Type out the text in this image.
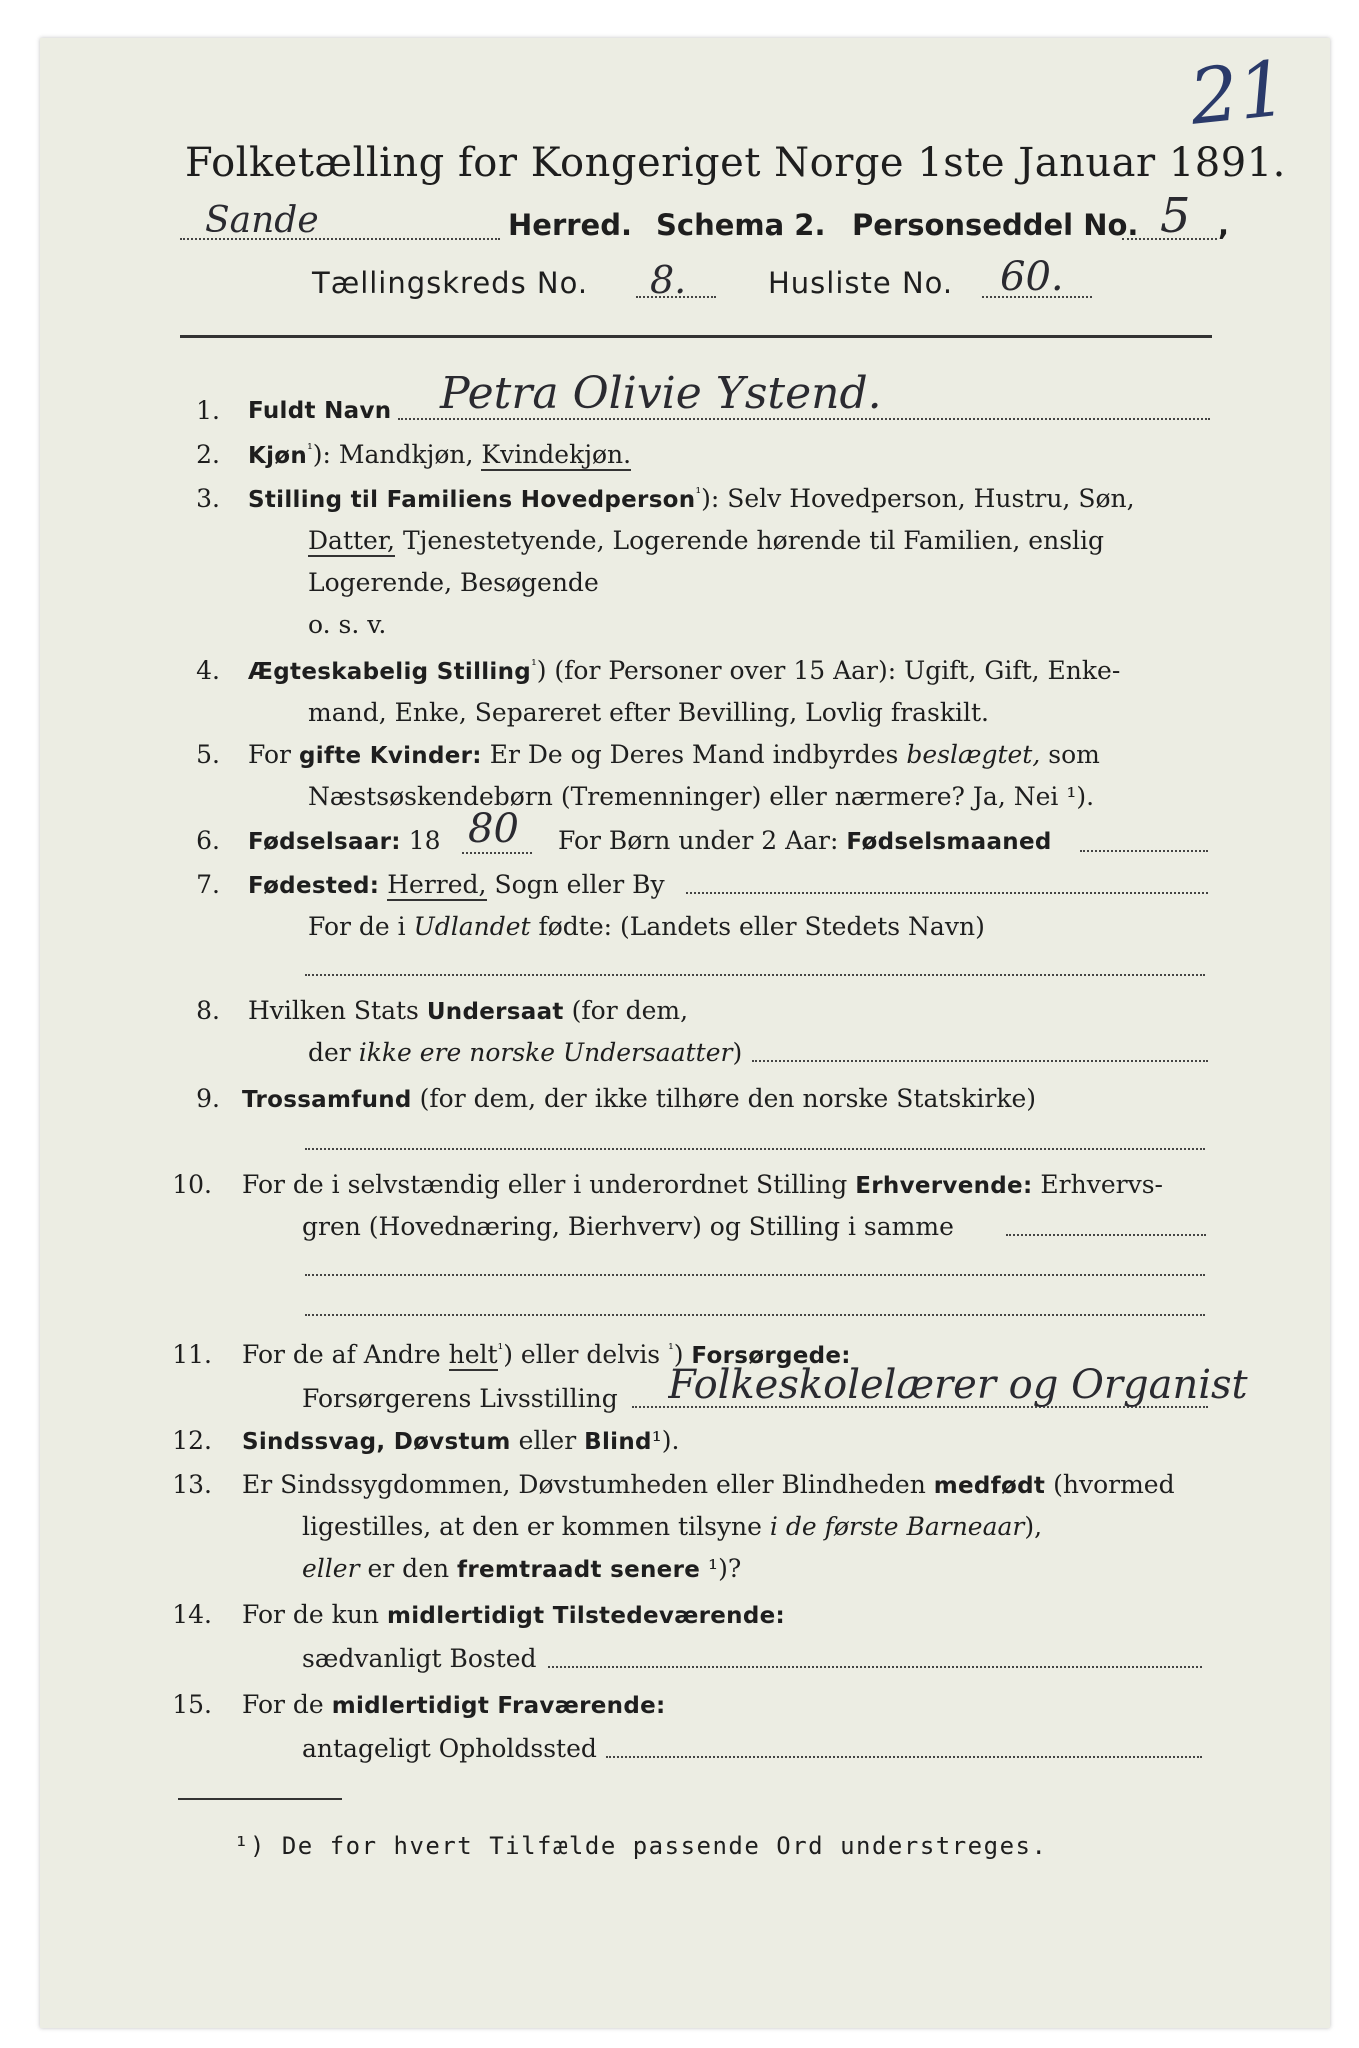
21
Folketælling for Kongeriget Norge 1ste Januar 1891.
Sande	Herred. Schema 2. Personseddel No. 5 ,
Tællingskreds No. 8.	Husliste No. 60.
1. Fuldt Navn Petra Olivie Ystend.
2. Kjøn$^{^1}$): Mandkjøn, Kvindekjøn.
3. Stilling til Familiens Hovedperson$^{^1}$): Selv Hovedperson, Hustru, Søn,
Datter, Tjenestetyende, Logerende hørende til Familien, enslig
Logerende, Besøgende
o. s. v.
4. Ægteskabelig Stilling$^{^1}$) (for Personer over 15 Aar): Ugift, Gift, Enke-
mand, Enke, Separeret efter Bevilling, Lovlig fraskilt.
5. For gifte Kvinder: Er De og Deres Mand indbyrdes beslægtet, som
Næstsøskendebørn (Tremenninger) eller nærmere? Ja, Nei ¹).
6. Fødselsaar: 18 80 For Børn under 2 Aar: Fødselsmaaned
7. Fødested: Herred, Sogn eller By
For de i Udlandet fødte: (Landets eller Stedets Navn)
8. Hvilken Stats Undersaat (for dem,
der ikke ere norske Undersaatter)
9. Trossamfund (for dem, der ikke tilhøre den norske Statskirke)
10. For de i selvstændig eller i underordnet Stilling Erhvervende: Erhvervs-
gren (Hovednæring, Bierhverv) og Stilling i samme
11. For de af Andre helt$^{^1}$) eller delvis $^{^1}$) Forsørgede:
Forsørgerens Livsstilling Folkeskolelærer og Organist
12. Sindssvag, Døvstum eller Blind¹).
13. Er Sindssygdommen, Døvstumheden eller Blindheden medfødt (hvormed
ligestilles, at den er kommen tilsyne i de første Barneaar),
eller er den fremtraadt senere ¹)?
14. For de kun midlertidigt Tilstedeværende:
sædvanligt Bosted
15. For de midlertidigt Fraværende:
antageligt Opholdssted
¹) De for hvert Tilfælde passende Ord understreges.
